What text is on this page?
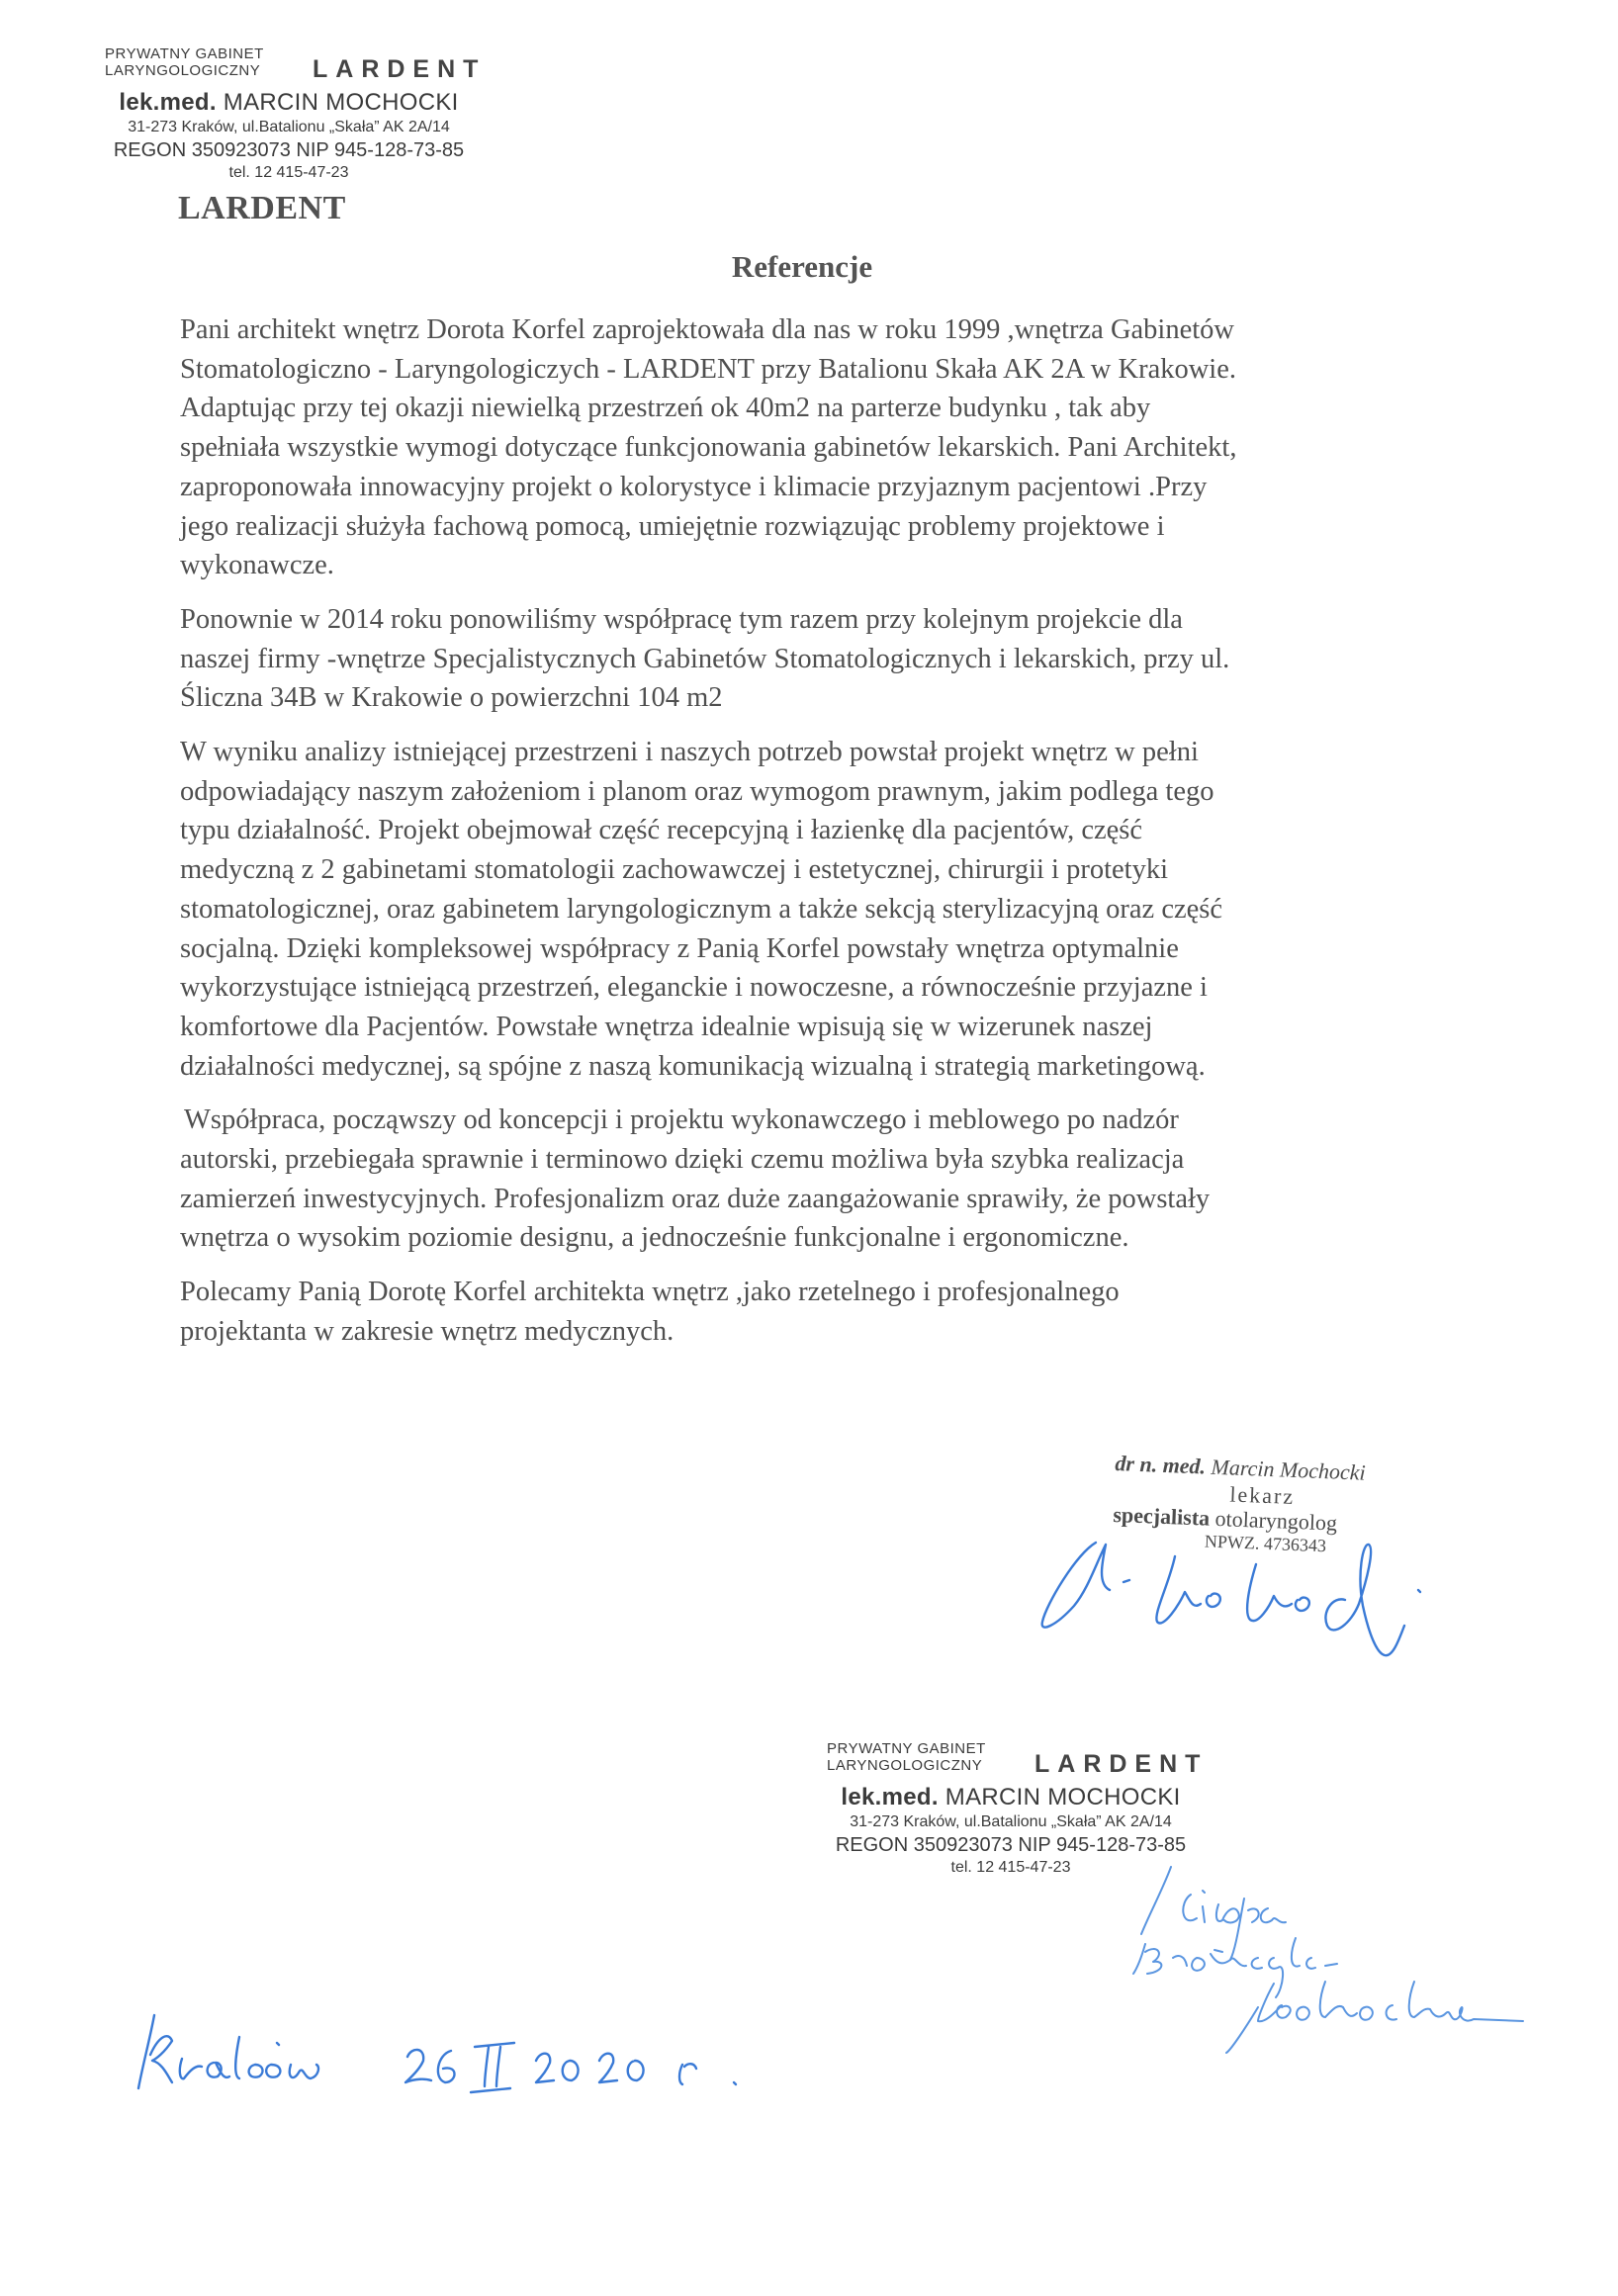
PRYWATNY GABINET
LARYNGOLOGICZNY	LARDENT
lek.med. MARCIN MOCHOCKI
31-273 Kraków, ul.Batalionu „Skała” AK 2A/14
REGON 350923073 NIP 945-128-73-85
tel. 12 415-47-23
LARDENT
Referencje

Pani architekt wnętrz Dorota Korfel zaprojektowała dla nas w roku 1999 ,wnętrza Gabinetów
Stomatologiczno - Laryngologiczych - LARDENT przy Batalionu Skała AK 2A w Krakowie.
Adaptując przy tej okazji niewielką przestrzeń ok 40m2 na parterze budynku , tak aby
spełniała wszystkie wymogi dotyczące funkcjonowania gabinetów lekarskich. Pani Architekt,
zaproponowała innowacyjny projekt o kolorystyce i klimacie przyjaznym pacjentowi .Przy
jego realizacji służyła fachową pomocą, umiejętnie rozwiązując problemy projektowe i
wykonawcze.

Ponownie w 2014 roku ponowiliśmy współpracę tym razem przy kolejnym projekcie dla
naszej firmy -wnętrze Specjalistycznych Gabinetów Stomatologicznych i lekarskich, przy ul.
Śliczna 34B w Krakowie o powierzchni 104 m2

W wyniku analizy istniejącej przestrzeni i naszych potrzeb powstał projekt wnętrz w pełni
odpowiadający naszym założeniom i planom oraz wymogom prawnym, jakim podlega tego
typu działalność. Projekt obejmował część recepcyjną i łazienkę dla pacjentów, część
medyczną z 2 gabinetami stomatologii zachowawczej i estetycznej, chirurgii i protetyki
stomatologicznej, oraz gabinetem laryngologicznym a także sekcją sterylizacyjną oraz część
socjalną. Dzięki kompleksowej współpracy z Panią Korfel powstały wnętrza optymalnie
wykorzystujące istniejącą przestrzeń, eleganckie i nowoczesne, a równocześnie przyjazne i
komfortowe dla Pacjentów. Powstałe wnętrza idealnie wpisują się w wizerunek naszej
działalności medycznej, są spójne z naszą komunikacją wizualną i strategią marketingową.

Współpraca, począwszy od koncepcji i projektu wykonawczego i meblowego po nadzór
autorski, przebiegała sprawnie i terminowo dzięki czemu możliwa była szybka realizacja
zamierzeń inwestycyjnych. Profesjonalizm oraz duże zaangażowanie sprawiły, że powstały
wnętrza o wysokim poziomie designu, a jednocześnie funkcjonalne i ergonomiczne.

Polecamy Panią Dorotę Korfel architekta wnętrz ,jako rzetelnego i profesjonalnego
projektanta w zakresie wnętrz medycznych.

dr n. med. Marcin Mochocki
lekarz
specjalista otolaryngolog
NPWZ. 4736343
PRYWATNY GABINET
LARYNGOLOGICZNY	LARDENT
lek.med. MARCIN MOCHOCKI
31-273 Kraków, ul.Batalionu „Skała” AK 2A/14
REGON 350923073 NIP 945-128-73-85
tel. 12 415-47-23
